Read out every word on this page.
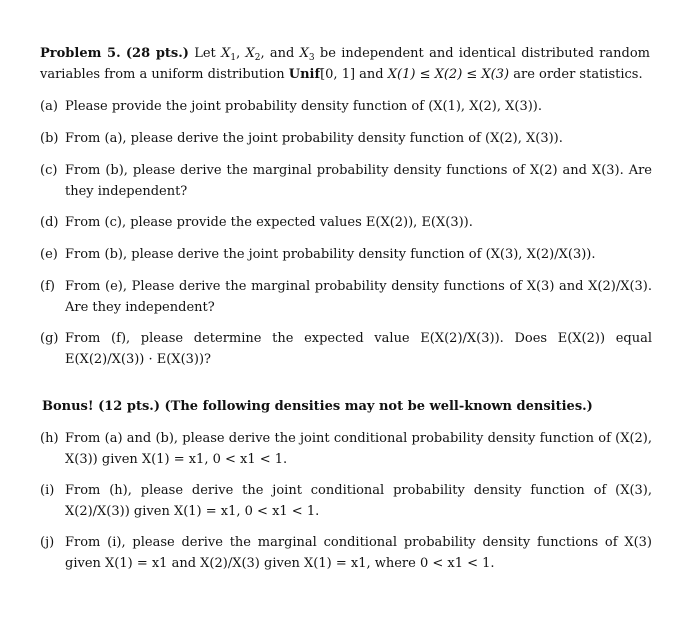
Problem 5. (28 pts.) Let $X_1$, $X_2$, and $X_3$ be independent and identical distributed random variables from a uniform distribution Unif[0, 1] and X(1) ≤ X(2) ≤ X(3) are order statistics.
(a) Please provide the joint probability density function of (X(1), X(2), X(3)).
(b) From (a), please derive the joint probability density function of (X(2), X(3)).
(c) From (b), please derive the marginal probability density functions of X(2) and X(3). Are they independent?
(d) From (c), please provide the expected values E(X(2)), E(X(3)).
(e) From (b), please derive the joint probability density function of (X(3), X(2)/X(3)).
(f) From (e), Please derive the marginal probability density functions of X(3) and X(2)/X(3). Are they independent?
(g) From (f), please determine the expected value E(X(2)/X(3)). Does E(X(2)) equal E(X(2)/X(3)) · E(X(3))?
Bonus! (12 pts.) (The following densities may not be well-known densities.)
(h) From (a) and (b), please derive the joint conditional probability density function of (X(2), X(3)) given X(1) = x1, 0 < x1 < 1.
(i) From (h), please derive the joint conditional probability density function of (X(3), X(2)/X(3)) given X(1) = x1, 0 < x1 < 1.
(j) From (i), please derive the marginal conditional probability density functions of X(3) given X(1) = x1 and X(2)/X(3) given X(1) = x1, where 0 < x1 < 1.
